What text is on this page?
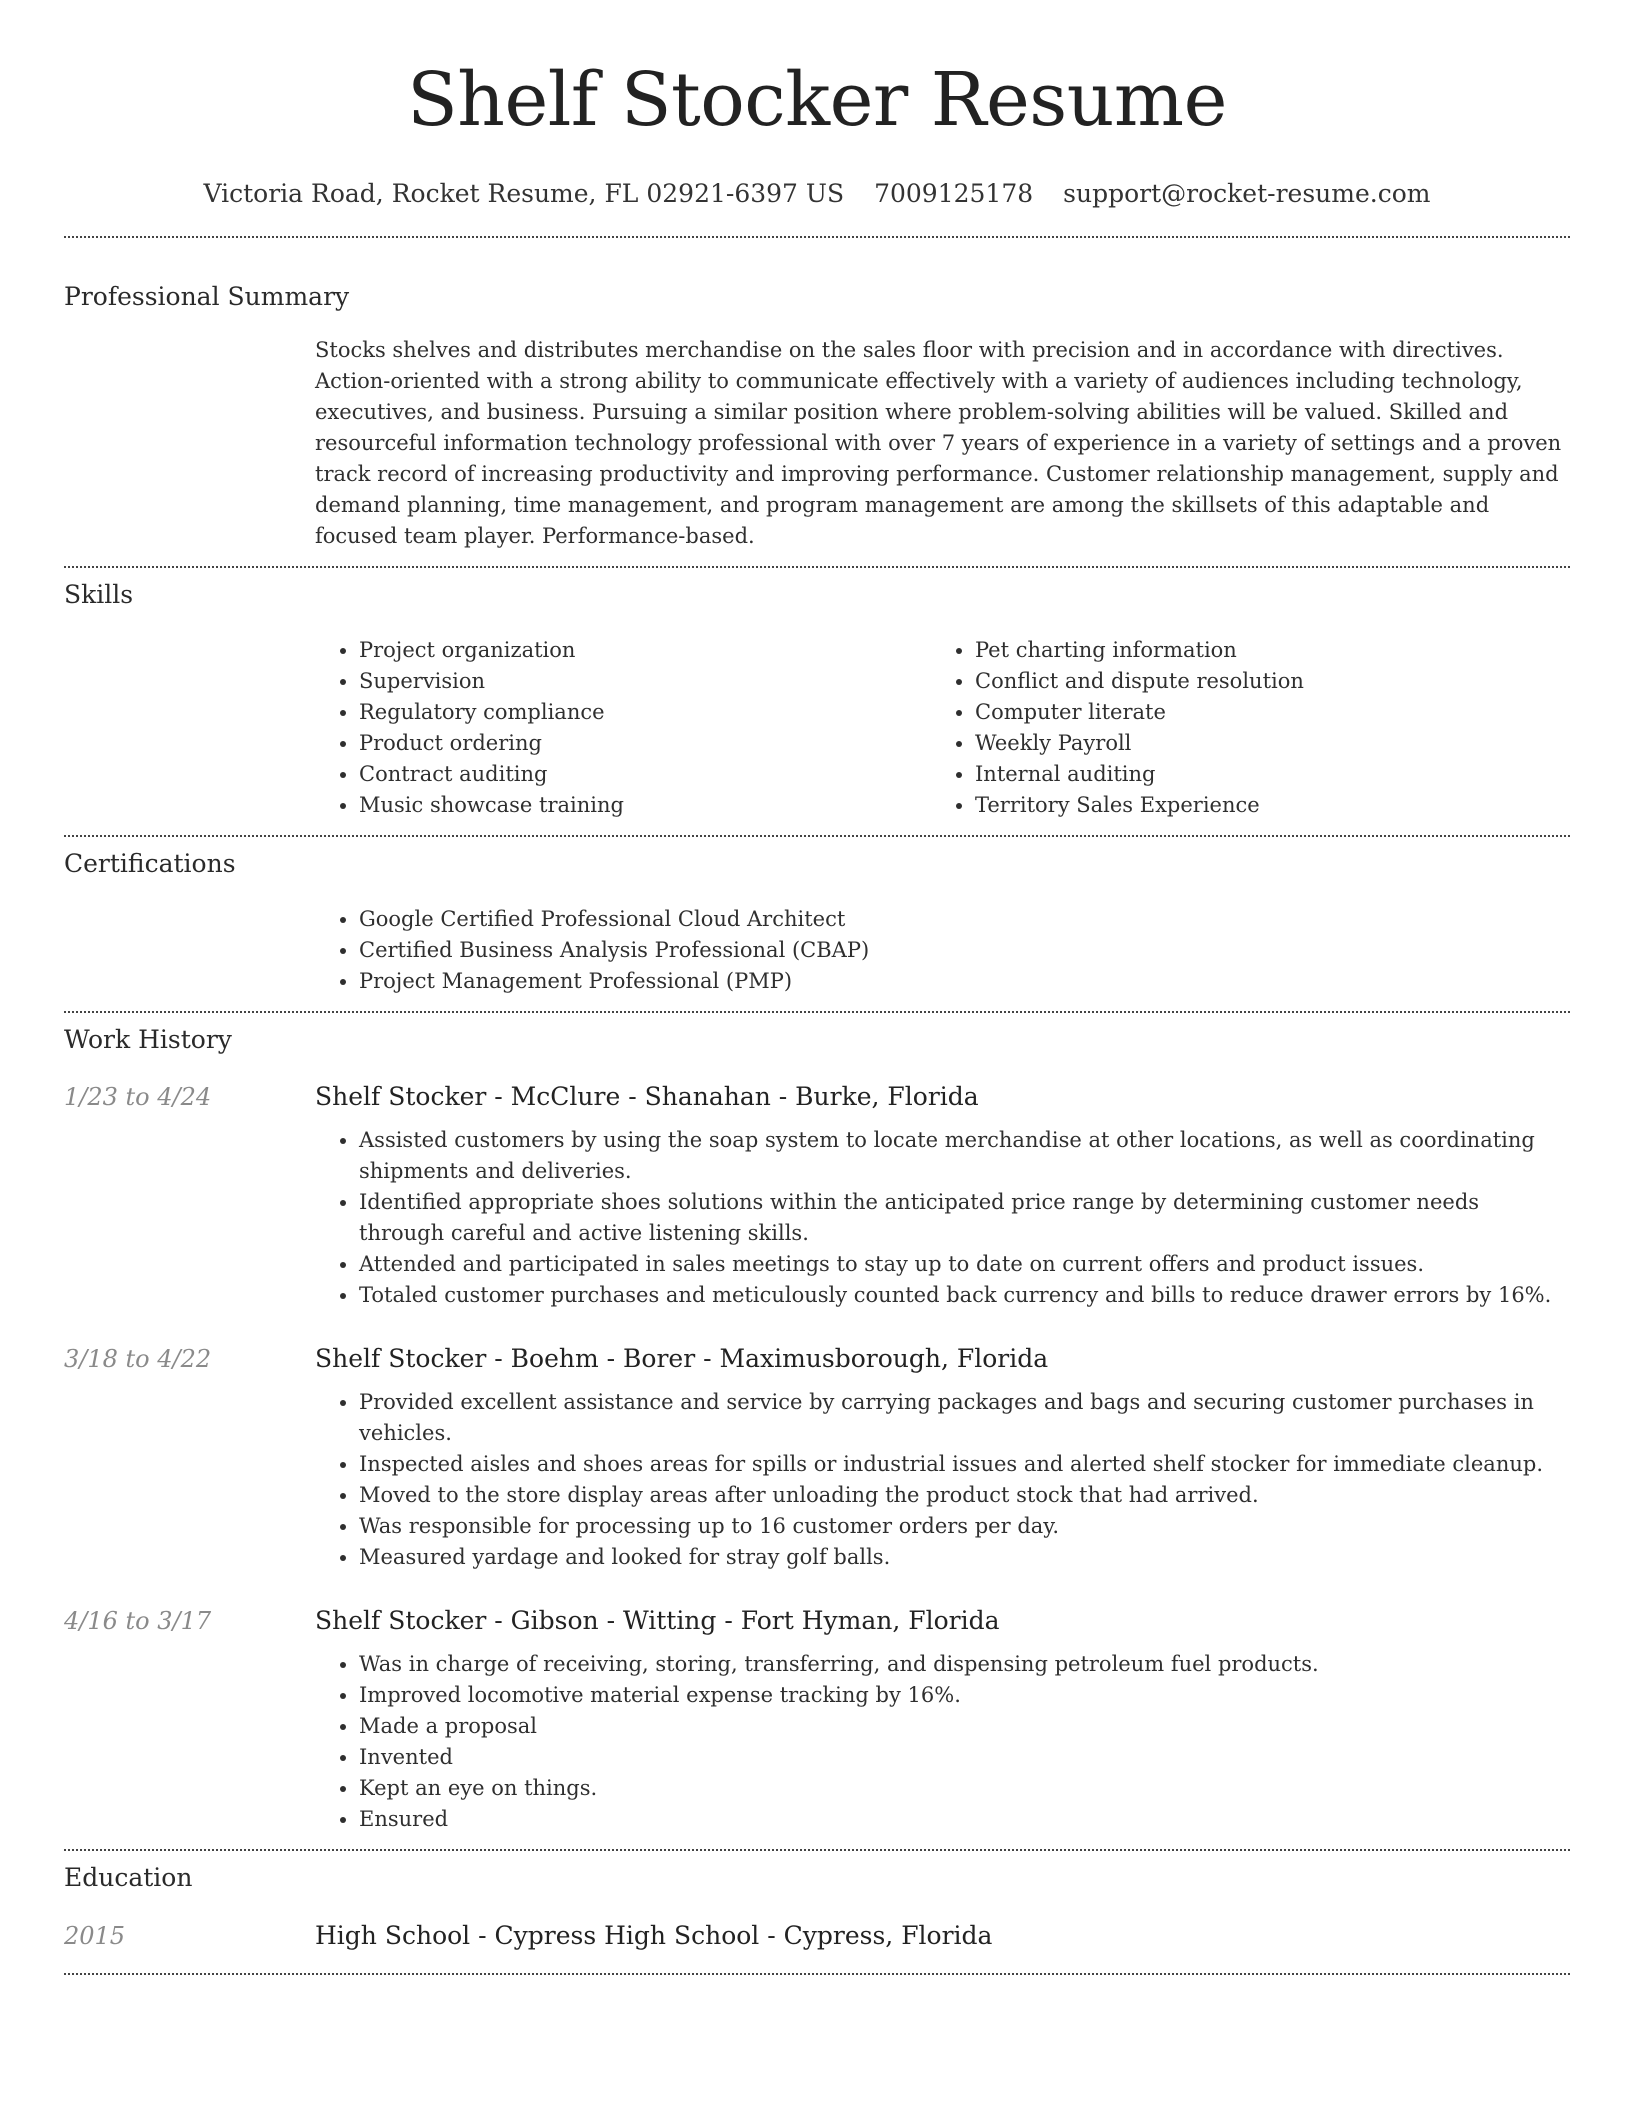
Shelf Stocker Resume
Victoria Road, Rocket Resume, FL 02921-6397 US 7009125178 support@rocket-resume.com
Professional Summary
Stocks shelves and distributes merchandise on the sales floor with precision and in accordance with directives. Action-oriented with a strong ability to communicate effectively with a variety of audiences including technology, executives, and business. Pursuing a similar position where problem-solving abilities will be valued. Skilled and resourceful information technology professional with over 7 years of experience in a variety of settings and a proven track record of increasing productivity and improving performance. Customer relationship management, supply and demand planning, time management, and program management are among the skillsets of this adaptable and focused team player. Performance-based.
Skills
• Project organization
• Supervision
• Regulatory compliance
• Product ordering
• Contract auditing
• Music showcase training
• Pet charting information
• Conflict and dispute resolution
• Computer literate
• Weekly Payroll
• Internal auditing
• Territory Sales Experience
Certifications
• Google Certified Professional Cloud Architect
• Certified Business Analysis Professional (CBAP)
• Project Management Professional (PMP)
Work History
1/23 to 4/24	Shelf Stocker - McClure - Shanahan - Burke, Florida
• Assisted customers by using the soap system to locate merchandise at other locations, as well as coordinating shipments and deliveries.
• Identified appropriate shoes solutions within the anticipated price range by determining customer needs through careful and active listening skills.
• Attended and participated in sales meetings to stay up to date on current offers and product issues.
• Totaled customer purchases and meticulously counted back currency and bills to reduce drawer errors by 16%.
3/18 to 4/22	Shelf Stocker - Boehm - Borer - Maximusborough, Florida
• Provided excellent assistance and service by carrying packages and bags and securing customer purchases in vehicles.
• Inspected aisles and shoes areas for spills or industrial issues and alerted shelf stocker for immediate cleanup.
• Moved to the store display areas after unloading the product stock that had arrived.
• Was responsible for processing up to 16 customer orders per day.
• Measured yardage and looked for stray golf balls.
4/16 to 3/17	Shelf Stocker - Gibson - Witting - Fort Hyman, Florida
• Was in charge of receiving, storing, transferring, and dispensing petroleum fuel products.
• Improved locomotive material expense tracking by 16%.
• Made a proposal
• Invented
• Kept an eye on things.
• Ensured
Education
2015	High School - Cypress High School - Cypress, Florida
